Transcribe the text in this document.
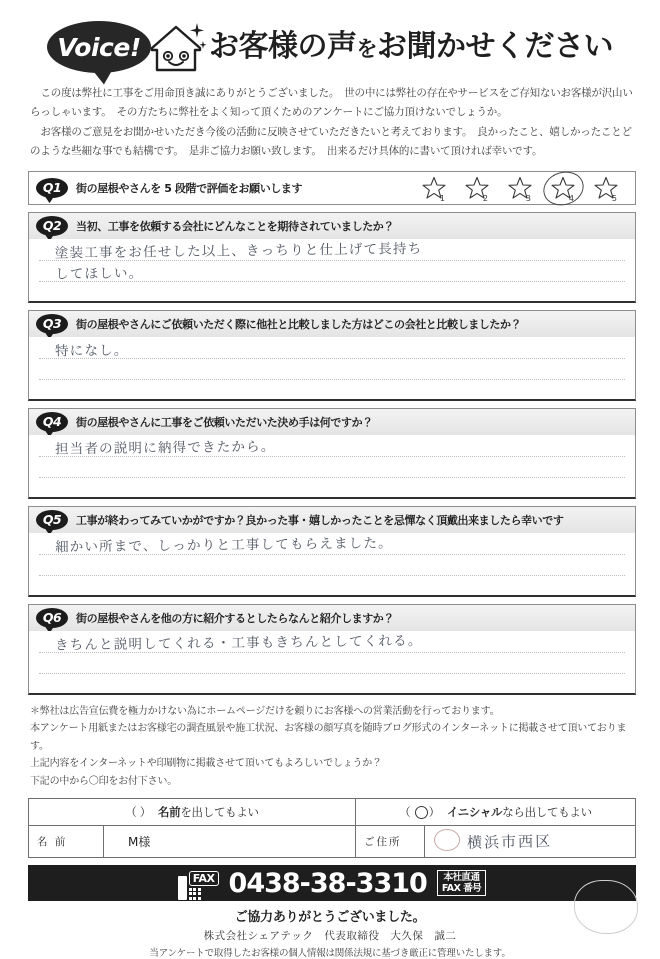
Voice! お客様の声をお聞かせください

この度は弊社に工事をご用命頂き誠にありがとうございました。　世の中には弊社の存在やサービスをご存知ないお客様が沢山いらっしゃいます。　その方たちに弊社をよく知って頂くためのアンケートにご協力頂けないでしょうか。

お客様のご意見をお聞かせいただき今後の活動に反映させていただきたいと考えております。　良かったこと、嬉しかったことどのような些細な事でも結構です。　是非ご協力お願い致します。　出来るだけ具体的に書いて頂ければ幸いです。

Q1	街の屋根やさんを 5 段階で評価をお願いします
1	2	3	4	5
Q2	当初、工事を依頼する会社にどんなことを期待されていましたか？
塗装工事をお任せした以上、きっちりと仕上げて長持ち
してほしい。
Q3	街の屋根やさんにご依頼いただく際に他社と比較しました方はどこの会社と比較しましたか？
特になし。
Q4	街の屋根やさんに工事をご依頼いただいた決め手は何ですか？
担当者の説明に納得できたから。
Q5	工事が終わってみていかがですか？良かった事・嬉しかったことを忌憚なく頂戴出来ましたら幸いです
細かい所まで、しっかりと工事してもらえました。
Q6	街の屋根やさんを他の方に紹介するとしたらなんと紹介しますか？
きちんと説明してくれる・工事もきちんとしてくれる。

＊弊社は広告宣伝費を極力かけない為にホームページだけを頼りにお客様への営業活動を行っております。

本アンケート用紙またはお客様宅の調査風景や施工状況、お客様の顔写真を随時ブログ形式のインターネットに掲載させて頂いております。

上記内容をインターネットや印刷物に掲載させて頂いてもよろしいでしょうか？

下記の中から〇印をお付下さい。

（） 名前を出してもよい		（ ） イニシャルなら出してもよい	
名 前	M様	ご住所	横浜市西区
FAX 0438-38-3310	本社直通
FAX 番号
ご協力ありがとうございました。
株式会社シェアテック　代表取締役　大久保　誠二
当アンケートで取得したお客様の個人情報は関係法規に基づき厳正に管理いたします。
